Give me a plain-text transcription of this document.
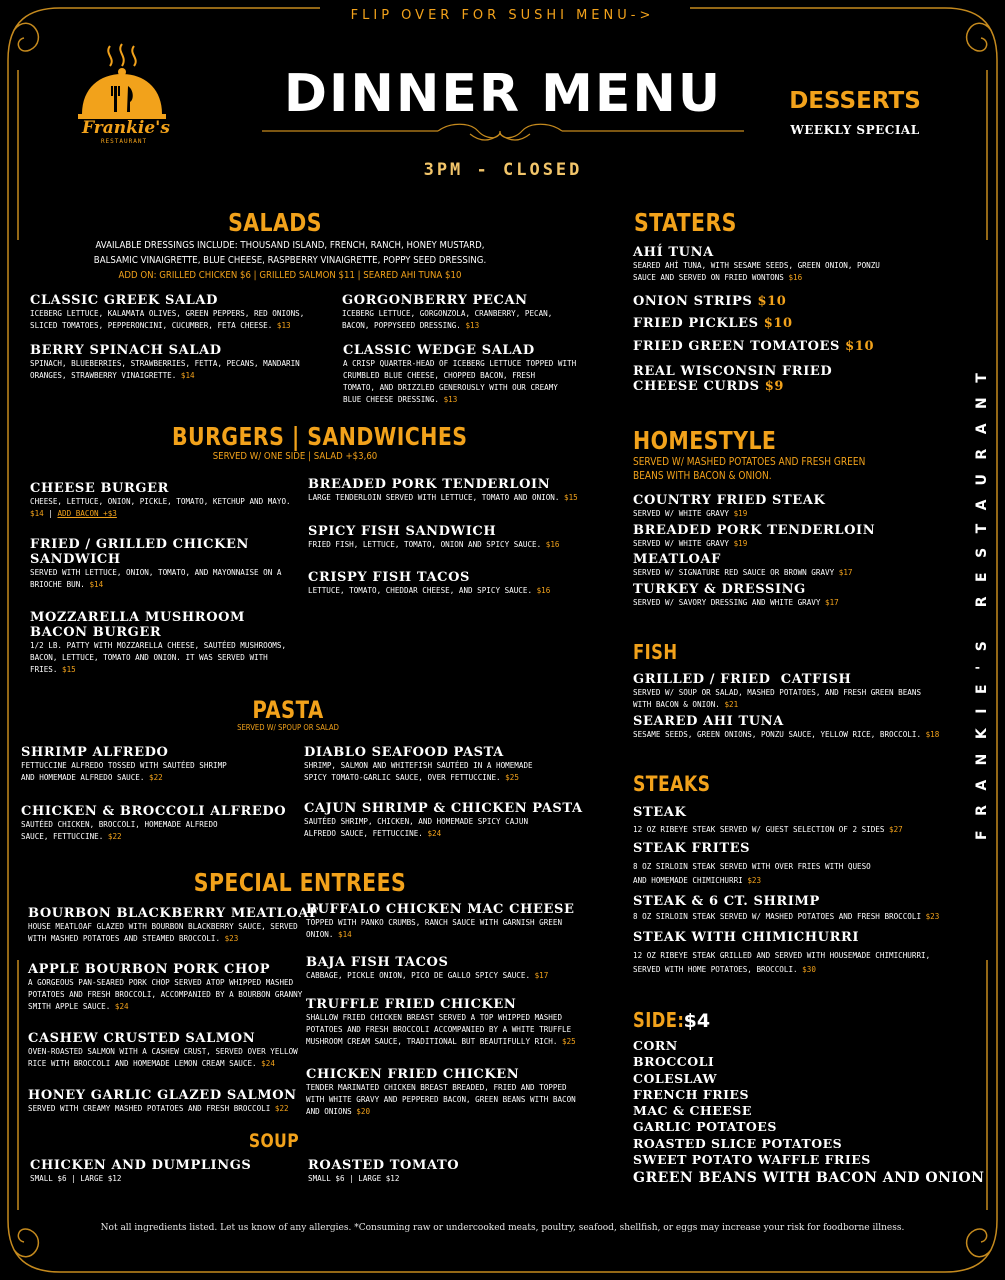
FLIP OVER FOR SUSHI MENU->
Frankie's
RESTAURANT
DINNER MENU
3PM - CLOSED
DESSERTS
WEEKLY SPECIAL
FRANKIE'S RESTAURANT
SALADS
AVAILABLE DRESSINGS INCLUDE: THOUSAND ISLAND, FRENCH, RANCH, HONEY MUSTARD,
BALSAMIC VINAIGRETTE, BLUE CHEESE, RASPBERRY VINAIGRETTE, POPPY SEED DRESSING.
ADD ON: GRILLED CHICKEN $6 | GRILLED SALMON $11 | SEARED AHI TUNA $10
CLASSIC GREEK SALAD
ICEBERG LETTUCE, KALAMATA OLIVES, GREEN PEPPERS, RED ONIONS,
SLICED TOMATOES, PEPPERONCINI, CUCUMBER, FETA CHEESE. $13
GORGONBERRY PECAN
ICEBERG LETTUCE, GORGONZOLA, CRANBERRY, PECAN,
BACON, POPPYSEED DRESSING. $13
BERRY SPINACH SALAD
SPINACH, BLUEBERRIES, STRAWBERRIES, FETTA, PECANS, MANDARIN
ORANGES, STRAWBERRY VINAIGRETTE. $14
CLASSIC WEDGE SALAD
A CRISP QUARTER-HEAD OF ICEBERG LETTUCE TOPPED WITH
CRUMBLED BLUE CHEESE, CHOPPED BACON, FRESH
TOMATO, AND DRIZZLED GENEROUSLY WITH OUR CREAMY
BLUE CHEESE DRESSING. $13
BURGERS | SANDWICHES
SERVED W/ ONE SIDE | SALAD +$3,60
CHEESE BURGER
CHEESE, LETTUCE, ONION, PICKLE, TOMATO, KETCHUP AND MAYO.
$14 | ADD BACON +$3
BREADED PORK TENDERLOIN
LARGE TENDERLOIN SERVED WITH LETTUCE, TOMATO AND ONION. $15
SPICY FISH SANDWICH
FRIED FISH, LETTUCE, TOMATO, ONION AND SPICY SAUCE. $16
FRIED / GRILLED CHICKEN
SANDWICH
SERVED WITH LETTUCE, ONION, TOMATO, AND MAYONNAISE ON A
BRIOCHE BUN. $14	CRISPY FISH TACOS
LETTUCE, TOMATO, CHEDDAR CHEESE, AND SPICY SAUCE. $16
MOZZARELLA MUSHROOM
BACON BURGER
1/2 LB. PATTY WITH MOZZARELLA CHEESE, SAUTÉED MUSHROOMS,
BACON, LETTUCE, TOMATO AND ONION. IT WAS SERVED WITH
FRIES. $15
PASTA
SERVED W/ SPOUP OR SALAD
SHRIMP ALFREDO
FETTUCCINE ALFREDO TOSSED WITH SAUTÉED SHRIMP
AND HOMEMADE ALFREDO SAUCE. $22
DIABLO SEAFOOD PASTA
SHRIMP, SALMON AND WHITEFISH SAUTÉED IN A HOMEMADE
SPICY TOMATO-GARLIC SAUCE, OVER FETTUCCINE. $25
CHICKEN & BROCCOLI ALFREDO
SAUTÉED CHICKEN, BROCCOLI, HOMEMADE ALFREDO
SAUCE, FETTUCCINE. $22
CAJUN SHRIMP & CHICKEN PASTA
SAUTÉED SHRIMP, CHICKEN, AND HOMEMADE SPICY CAJUN
ALFREDO SAUCE, FETTUCCINE. $24
SPECIAL ENTREES
BOURBON BLACKBERRY MEATLOAF
HOUSE MEATLOAF GLAZED WITH BOURBON BLACKBERRY SAUCE, SERVED
WITH MASHED POTATOES AND STEAMED BROCCOLI. $23
BUFFALO CHICKEN MAC CHEESE
TOPPED WITH PANKO CRUMBS, RANCH SAUCE WITH GARNISH GREEN
ONION. $14
APPLE BOURBON PORK CHOP
A GORGEOUS PAN-SEARED PORK CHOP SERVED ATOP WHIPPED MASHED
POTATOES AND FRESH BROCCOLI, ACCOMPANIED BY A BOURBON GRANNY
SMITH APPLE SAUCE. $24
BAJA FISH TACOS
CABBAGE, PICKLE ONION, PICO DE GALLO SPICY SAUCE. $17
TRUFFLE FRIED CHICKEN
SHALLOW FRIED CHICKEN BREAST SERVED A TOP WHIPPED MASHED
POTATOES AND FRESH BROCCOLI ACCOMPANIED BY A WHITE TRUFFLE
MUSHROOM CREAM SAUCE, TRADITIONAL BUT BEAUTIFULLY RICH. $25
CASHEW CRUSTED SALMON
OVEN-ROASTED SALMON WITH A CASHEW CRUST, SERVED OVER YELLOW
RICE WITH BROCCOLI AND HOMEMADE LEMON CREAM SAUCE. $24
CHICKEN FRIED CHICKEN
TENDER MARINATED CHICKEN BREAST BREADED, FRIED AND TOPPED
WITH WHITE GRAVY AND PEPPERED BACON, GREEN BEANS WITH BACON
AND ONIONS $20
HONEY GARLIC GLAZED SALMON
SERVED WITH CREAMY MASHED POTATOES AND FRESH BROCCOLI $22
SOUP
CHICKEN AND DUMPLINGS
SMALL $6 | LARGE $12
ROASTED TOMATO
SMALL $6 | LARGE $12
STATERS
AHÍ TUNA
SEARED AHÍ TUNA, WITH SESAME SEEDS, GREEN ONION, PONZU
SAUCE AND SERVED ON FRIED WONTONS $16
ONION STRIPS $10
FRIED PICKLES $10
FRIED GREEN TOMATOES $10
REAL WISCONSIN FRIED
CHEESE CURDS $9
HOMESTYLE
SERVED W/ MASHED POTATOES AND FRESH GREEN
BEANS WITH BACON & ONION.
COUNTRY FRIED STEAK
SERVED W/ WHITE GRAVY $19
BREADED PORK TENDERLOIN
SERVED W/ WHITE GRAVY $19
MEATLOAF
SERVED W/ SIGNATURE RED SAUCE OR BROWN GRAVY $17
TURKEY & DRESSING
SERVED W/ SAVORY DRESSING AND WHITE GRAVY $17
FISH
GRILLED / FRIED  CATFISH
SERVED W/ SOUP OR SALAD, MASHED POTATOES, AND FRESH GREEN BEANS
WITH BACON & ONION. $21
SEARED AHI TUNA
SESAME SEEDS, GREEN ONIONS, PONZU SAUCE, YELLOW RICE, BROCCOLI. $18
STEAKS
STEAK
12 OZ RIBEYE STEAK SERVED W/ GUEST SELECTION OF 2 SIDES $27
STEAK FRITES
8 OZ SIRLOIN STEAK SERVED WITH OVER FRIES WITH QUESO
AND HOMEMADE CHIMICHURRI $23
STEAK & 6 CT. SHRIMP
8 OZ SIRLOIN STEAK SERVED W/ MASHED POTATOES AND FRESH BROCCOLI $23
STEAK WITH CHIMICHURRI
12 OZ RIBEYE STEAK GRILLED AND SERVED WITH HOUSEMADE CHIMICHURRI,
SERVED WITH HOME POTATOES, BROCCOLI. $30
SIDE:$4
CORN
BROCCOLI
COLESLAW
FRENCH FRIES
MAC & CHEESE
GARLIC POTATOES
ROASTED SLICE POTATOES
SWEET POTATO WAFFLE FRIES
GREEN BEANS WITH BACON AND ONION
Not all ingredients listed. Let us know of any allergies. *Consuming raw or undercooked meats, poultry, seafood, shellfish, or eggs may increase your risk for foodborne illness.
